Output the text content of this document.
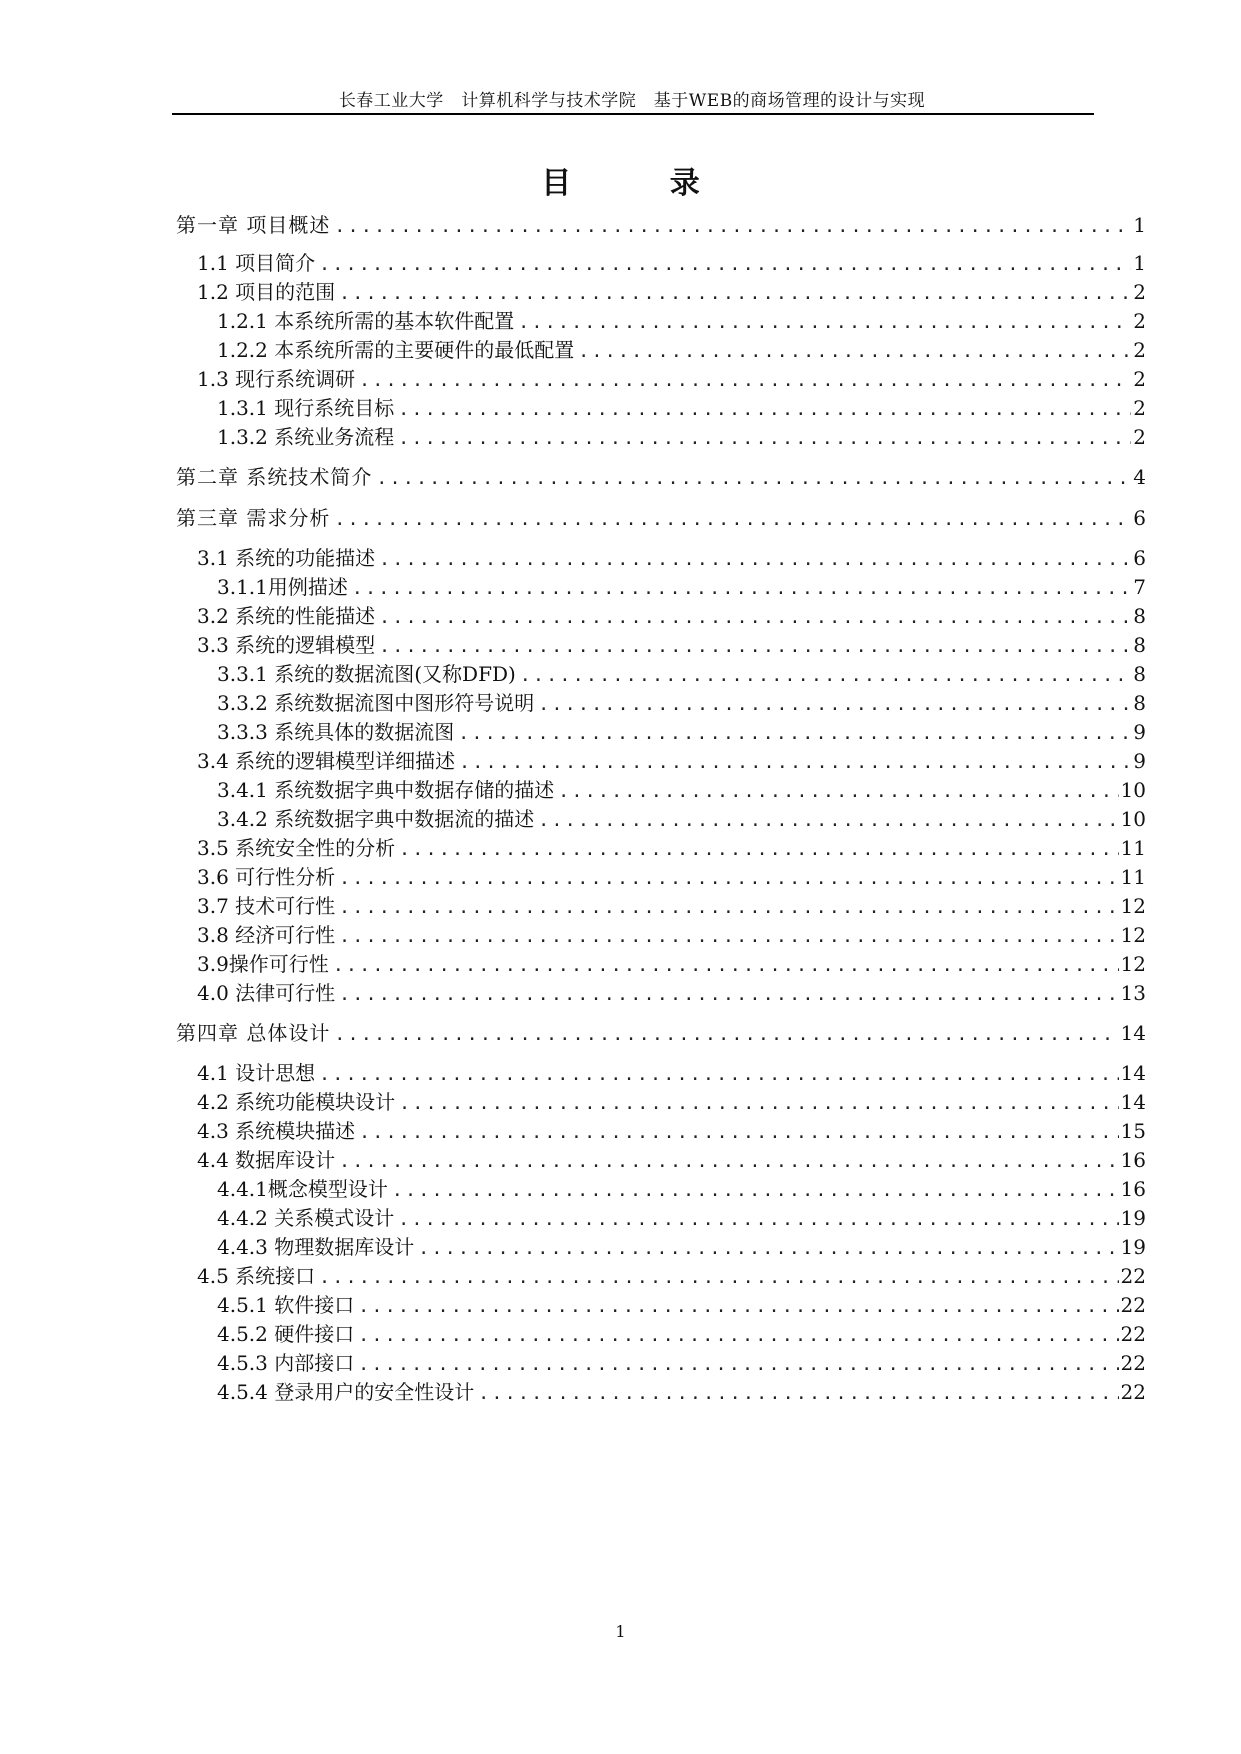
长春工业大学　计算机科学与技术学院　基于WEB的商场管理的设计与实现
目 录
第一章 项目概述 .....	1
1.1 项目简介 .....	1
1.2 项目的范围 .....	2
1.2.1 本系统所需的基本软件配置 .....	2
1.2.2 本系统所需的主要硬件的最低配置 .....	2
1.3 现行系统调研 .....	2
1.3.1 现行系统目标 .....	2
1.3.2 系统业务流程 .....	2
第二章 系统技术简介 .....	4
第三章 需求分析 .....	6
3.1 系统的功能描述 .....	6
3.1.1用例描述 .....	7
3.2 系统的性能描述 .....	8
3.3 系统的逻辑模型 .....	8
3.3.1 系统的数据流图(又称DFD) .....	8
3.3.2 系统数据流图中图形符号说明 .....	8
3.3.3 系统具体的数据流图 .....	9
3.4 系统的逻辑模型详细描述 .....	9
3.4.1 系统数据字典中数据存储的描述 .....	10
3.4.2 系统数据字典中数据流的描述 .....	10
3.5 系统安全性的分析 .....	11
3.6 可行性分析 .....	11
3.7 技术可行性 .....	12
3.8 经济可行性 .....	12
3.9操作可行性 .....	12
4.0 法律可行性 .....	13
第四章 总体设计 .....	14
4.1 设计思想 .....	14
4.2 系统功能模块设计 .....	14
4.3 系统模块描述 .....	15
4.4 数据库设计 .....	16
4.4.1概念模型设计 .....	16
4.4.2 关系模式设计 .....	19
4.4.3 物理数据库设计 .....	19
4.5 系统接口 .....	22
4.5.1 软件接口 .....	22
4.5.2 硬件接口 .....	22
4.5.3 内部接口 .....	22
4.5.4 登录用户的安全性设计 .....	22
1
